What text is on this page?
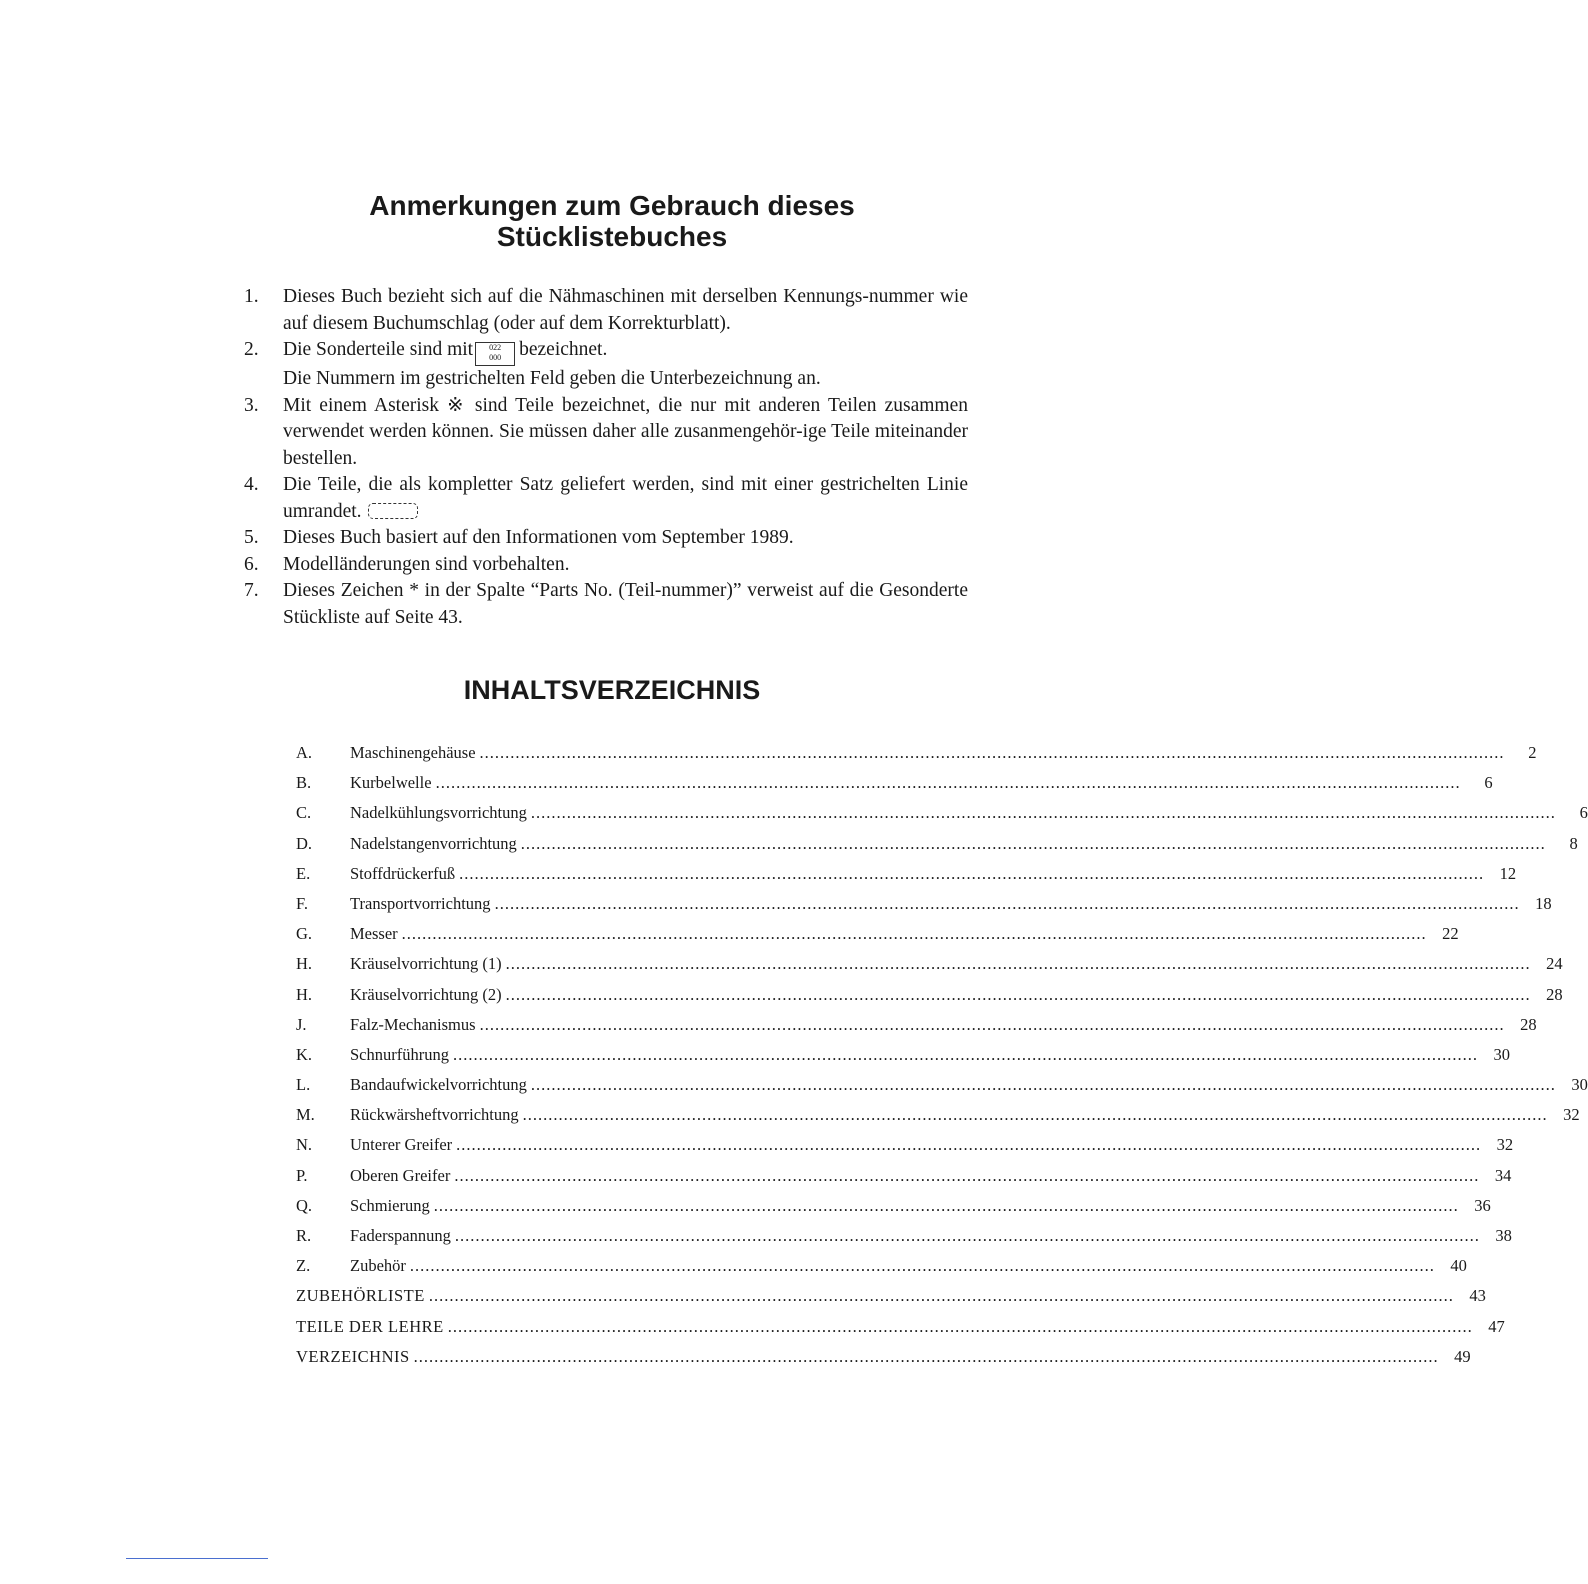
Anmerkungen zum Gebrauch dieses
Stücklistebuches
1. Dieses Buch bezieht sich auf die Nähmaschinen mit derselben Kennungs-nummer wie auf diesem Buchumschlag (oder auf dem Korrekturblatt).
2. Die Sonderteile sind mit	022
000 bezeichnet.
Die Nummern im gestrichelten Feld geben die Unterbezeichnung an.
3. Mit einem Asterisk ※ sind Teile bezeichnet, die nur mit anderen Teilen zusammen verwendet werden können. Sie müssen daher alle zusanmengehör-ige Teile miteinander bestellen.
4. Die Teile, die als kompletter Satz geliefert werden, sind mit einer gestrichelten Linie umrandet.
5. Dieses Buch basiert auf den Informationen vom September 1989.
6. Modelländerungen sind vorbehalten.
7. Dieses Zeichen * in der Spalte “Parts No. (Teil-nummer)” verweist auf die Gesonderte Stückliste auf Seite 43.
INHALTSVERZEICHNIS
A.	Maschinengehäuse ........................................................................................................................................................................................................	2
B.	Kurbelwelle ........................................................................................................................................................................................................	6
C.	Nadelkühlungsvorrichtung ........................................................................................................................................................................................................	6
D.	Nadelstangenvorrichtung ........................................................................................................................................................................................................	8
E.	Stoffdrückerfuß ........................................................................................................................................................................................................ 12
F.	Transportvorrichtung ........................................................................................................................................................................................................ 18
G.	Messer ........................................................................................................................................................................................................ 22
H.	Kräuselvorrichtung (1) ........................................................................................................................................................................................................ 24
H.	Kräuselvorrichtung (2) ........................................................................................................................................................................................................ 28
J.	Falz-Mechanismus ........................................................................................................................................................................................................ 28
K.	Schnurführung ........................................................................................................................................................................................................ 30
L.	Bandaufwickelvorrichtung ........................................................................................................................................................................................................ 30
M.	Rückwärsheftvorrichtung ........................................................................................................................................................................................................ 32
N.	Unterer Greifer ........................................................................................................................................................................................................ 32
P.	Oberen Greifer ........................................................................................................................................................................................................ 34
Q.	Schmierung ........................................................................................................................................................................................................ 36
R.	Faderspannung ........................................................................................................................................................................................................ 38
Z.	Zubehör ........................................................................................................................................................................................................ 40
ZUBEHÖRLISTE ........................................................................................................................................................................................................ 43
TEILE DER LEHRE ........................................................................................................................................................................................................ 47
VERZEICHNIS ........................................................................................................................................................................................................ 49
